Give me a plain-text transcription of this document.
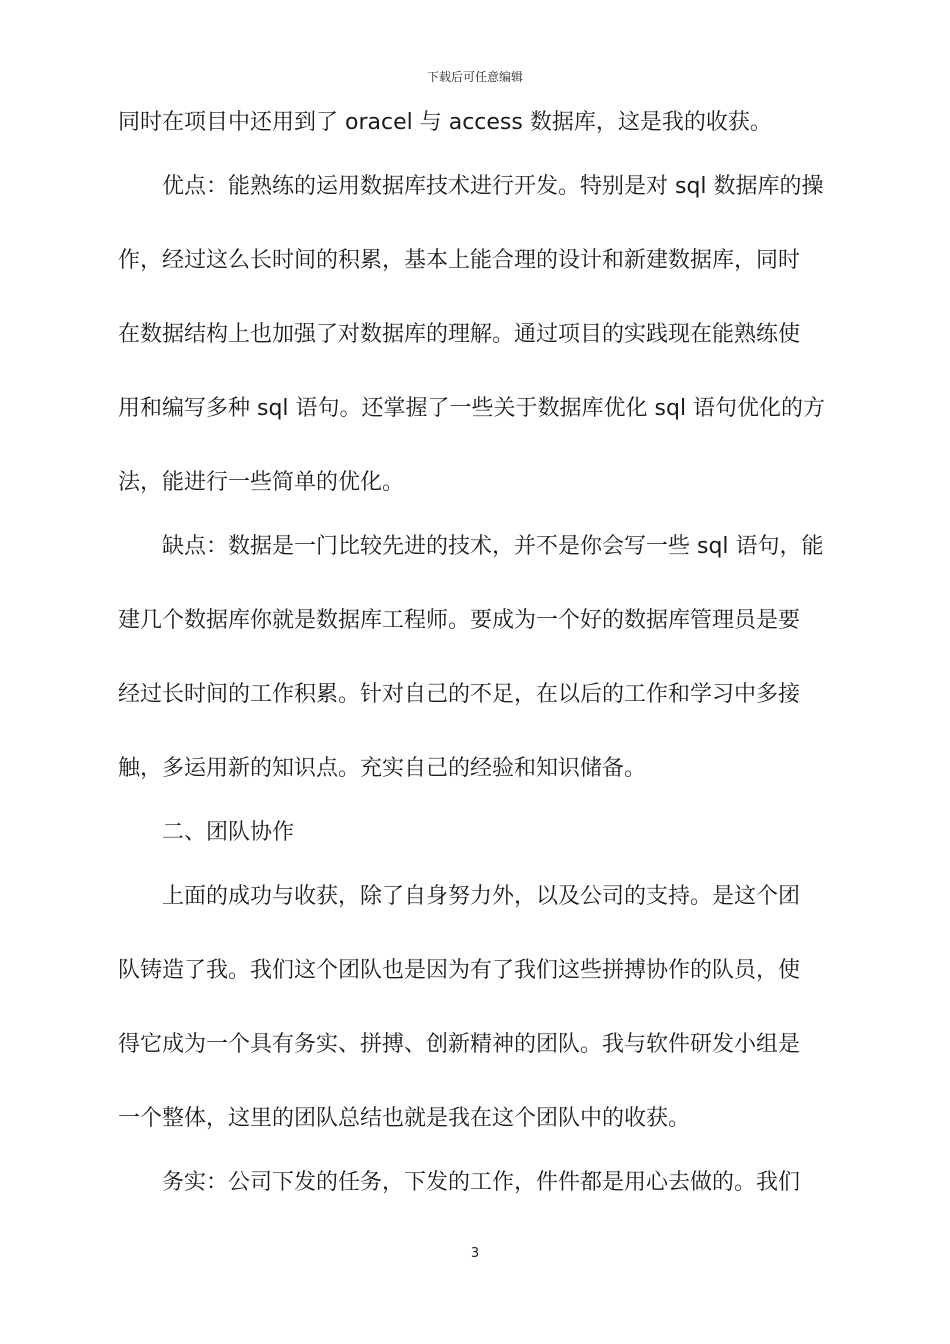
下载后可任意编辑
同时在项目中还用到了 oracel 与 access 数据库，这是我的收获。
优点：能熟练的运用数据库技术进行开发。特别是对 sql 数据库的操
作，经过这么长时间的积累，基本上能合理的设计和新建数据库，同时
在数据结构上也加强了对数据库的理解。通过项目的实践现在能熟练使
用和编写多种 sql 语句。还掌握了一些关于数据库优化 sql 语句优化的方
法，能进行一些简单的优化。
缺点：数据是一门比较先进的技术，并不是你会写一些 sql 语句，能
建几个数据库你就是数据库工程师。要成为一个好的数据库管理员是要
经过长时间的工作积累。针对自己的不足，在以后的工作和学习中多接
触，多运用新的知识点。充实自己的经验和知识储备。
二、团队协作
上面的成功与收获，除了自身努力外，以及公司的支持。是这个团
队铸造了我。我们这个团队也是因为有了我们这些拼搏协作的队员，使
得它成为一个具有务实、拼搏、创新精神的团队。我与软件研发小组是
一个整体，这里的团队总结也就是我在这个团队中的收获。
务实：公司下发的任务，下发的工作，件件都是用心去做的。我们
3
